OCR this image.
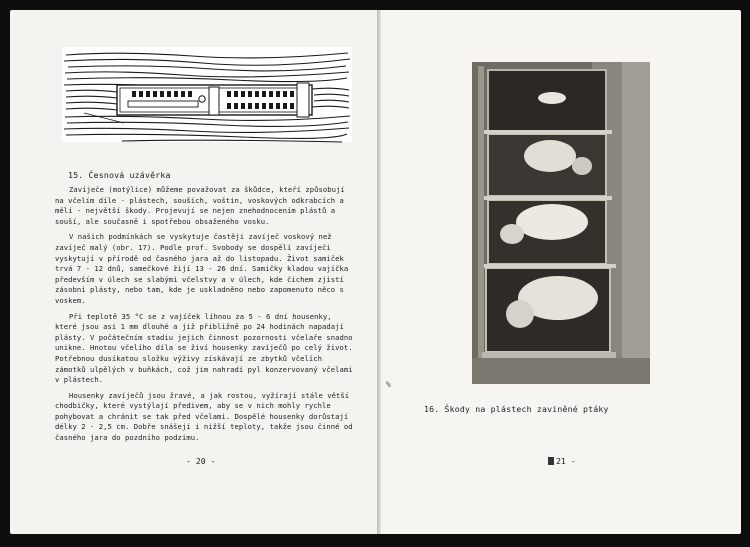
15. Česnová uzávěrka

Zavíječe (motýlice) můžeme považovat za škůdce, kteří způsobují na včelím díle - plástech, souších, voštin, voskových odkrabcích a mělí - největší škody. Projevují se nejen znehodnocením plástů a souší, ale současně i spotřebou obsaženého vosku.

V našich podmínkách se vyskytuje častěji zavíječ voskový než zavíječ malý (obr. 17). Podle prof. Svobody se dospělí zavíječi vyskytují v přírodě od časného jara až do listopadu. Život samiček trvá 7 - 12 dnů, samečkové žijí 13 - 26 dní. Samičky kladou vajíčka především v úlech se slabými včelstvy a v úlech, kde čichem zjistí zásobní plásty, nebo tam, kde je uskladněno nebo zapomenuto něco s voskem.

Při teplotě 35 °C se z vajíček líhnou za 5 - 6 dní housenky, které jsou asi 1 mm dlouhé a již přibližně po 24 hodinách napadají plásty. V počátečním stadiu jejich činnost pozornosti včelaře snadno unikne. Hnotou včelího díla se živí housenky zavíječů po celý život. Potřebnou dusíkatou složku výživy získávají ze zbytků včelích zámotků ulpělých v buňkách, což jim nahradí pyl konzervovaný včelami v plástech.

Housenky zavíječů jsou žravé, a jak rostou, vyžírají stále větší chodbičky, které vystýlají předivem, aby se v nich mohly rychle pohybovat a chránit se tak před včelami. Dospělé housenky dorůstají délky 2 - 2,5 cm. Dobře snášejí i nižší teploty, takže jsou činné od časného jara do pozdního podzimu.

- 20 -
%
16. Škody na plástech zaviněné ptáky
21 -
